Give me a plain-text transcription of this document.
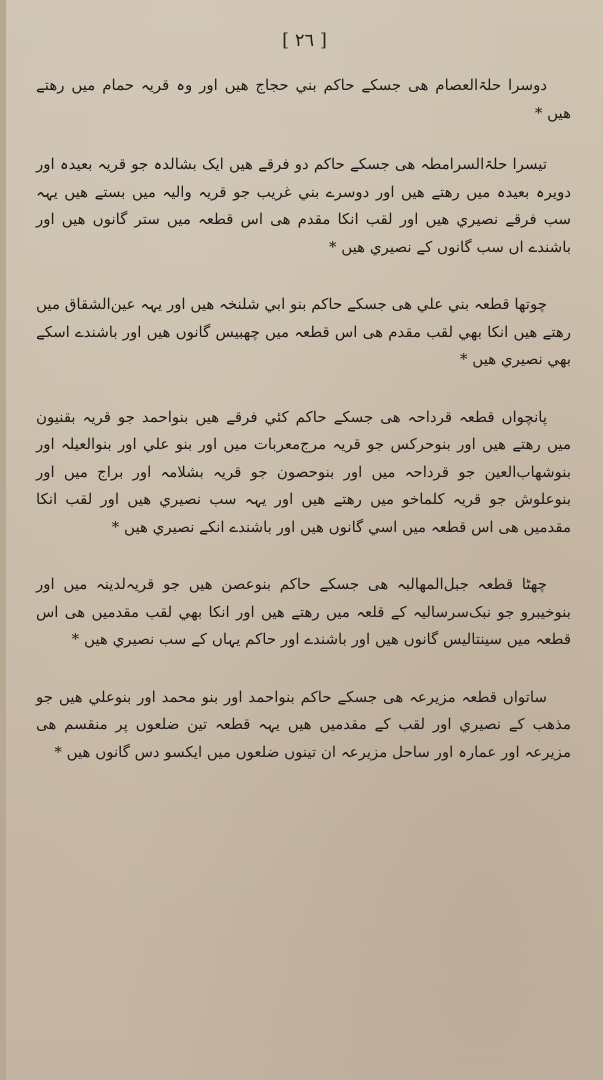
[ ٢٦ ]

دوسرا حلۃالعصام هی جسکے حاکم بني حجاج هیں اور وہ قریہ حمام میں رهتے هیں *

تیسرا حلۃالسرامطہ هی جسکے حاکم دو فرقے هیں ایک بشالدہ جو قریہ بعیدہ اور دویرہ بعیدہ میں رهتے هیں اور دوسرے بني غریب جو قریہ والیہ میں بستے هیں یہہ سب فرقے نصیري هیں اور لقب انکا مقدم هی اس قطعہ میں ستر گانوں هیں اور باشندے اں سب گانوں کے نصیري هیں *

چوتها قطعہ بني علي هی جسکے حاکم بنو ابي شلنخہ هیں اور یہہ عین‌الشقاق میں رهتے هیں انکا بهي لقب مقدم هی اس قطعہ میں چهبیس گانوں هیں اور باشندے اسکے بهي نصیري هیں *

پانچواں قطعہ قرداحہ هی جسکے حاکم کئي فرقے هیں بنواحمد جو قریہ بقنیون میں رهتے هیں اور بنوحرکس جو قریہ مرج‌معربات میں اور بنو علي اور بنوالعیلہ اور بنوشهاب‌العین جو قرداحہ میں اور بنوحصون جو قریہ بشلامہ اور براج میں اور بنوعلوش جو قریہ کلماخو میں رهتے هیں اور یہہ سب نصیري هیں اور لقب انکا مقدمیں هی اس قطعہ میں اسي گانوں هیں اور باشندے انکے نصیري هیں *

چهٹا قطعہ جبل‌المهالبہ هی جسکے حاکم بنوعصن هیں جو قریہ‌لدینہ میں اور بنوخیبرو جو نبک‌سرسالیہ کے قلعہ میں رهتے هیں اور انکا بهي لقب مقدمیں هی اس قطعہ میں سینتالیس گانوں هیں اور باشندے اور حاکم یہاں کے سب نصیري هیں *

ساتواں قطعہ مزیرعہ هی جسکے حاکم بنواحمد اور بنو محمد اور بنوعلي هیں جو مذهب کے نصیري اور لقب کے مقدمیں هیں یہہ قطعہ تین ضلعوں پر منقسم هی مزیرعہ اور عمارہ اور ساحل مزیرعہ ان تینوں ضلعوں میں ایکسو دس گانوں هیں *
